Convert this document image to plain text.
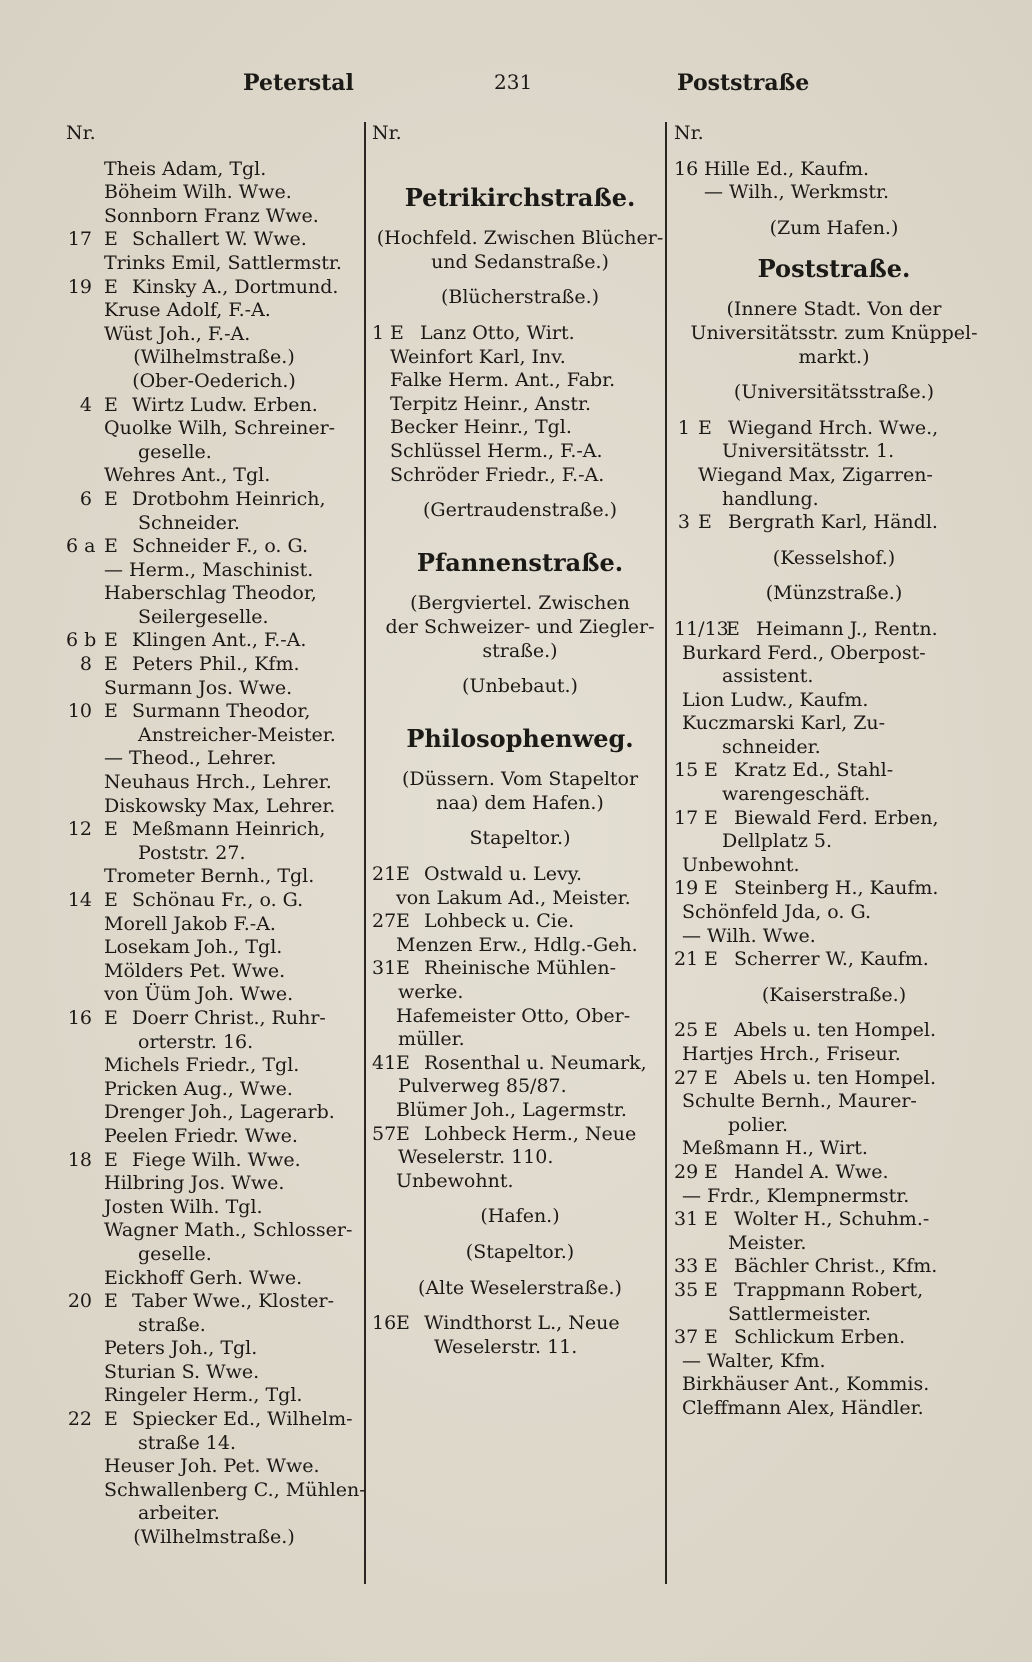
Peterstal	231	Poststraße
Nr.
Theis Adam, Tgl.
Böheim Wilh. Wwe.
Sonnborn Franz Wwe.
17 E Schallert W. Wwe.
Trinks Emil, Sattlermstr.
19 E Kinsky A., Dortmund.
Kruse Adolf, F.-A.
Wüst Joh., F.-A.
(Wilhelmstraße.)
(Ober-Oederich.)
4 E Wirtz Ludw. Erben.
Quolke Wilh, Schreiner-
geselle.
Wehres Ant., Tgl.
6 E Drotbohm Heinrich,
Schneider.
6 a E Schneider F., o. G.
— Herm., Maschinist.
Haberschlag Theodor,
Seilergeselle.
6 b E Klingen Ant., F.-A.
8 E Peters Phil., Kfm.
Surmann Jos. Wwe.
10 E Surmann Theodor,
Anstreicher-Meister.
— Theod., Lehrer.
Neuhaus Hrch., Lehrer.
Diskowsky Max, Lehrer.
12 E Meßmann Heinrich,
Poststr. 27.
Trometer Bernh., Tgl.
14 E Schönau Fr., o. G.
Morell Jakob F.-A.
Losekam Joh., Tgl.
Mölders Pet. Wwe.
von Üüm Joh. Wwe.
16 E Doerr Christ., Ruhr-
orterstr. 16.
Michels Friedr., Tgl.
Pricken Aug., Wwe.
Drenger Joh., Lagerarb.
Peelen Friedr. Wwe.
18 E Fiege Wilh. Wwe.
Hilbring Jos. Wwe.
Josten Wilh. Tgl.
Wagner Math., Schlosser-
geselle.
Eickhoff Gerh. Wwe.
20 E Taber Wwe., Kloster-
straße.
Peters Joh., Tgl.
Sturian S. Wwe.
Ringeler Herm., Tgl.
22 E Spiecker Ed., Wilhelm-
straße 14.
Heuser Joh. Pet. Wwe.
Schwallenberg C., Mühlen-
arbeiter.
(Wilhelmstraße.)
Nr.
Petrikirchstraße.
(Hochfeld. Zwischen Blücher-
und Sedanstraße.)
(Blücherstraße.)
1 E Lanz Otto, Wirt.
Weinfort Karl, Inv.
Falke Herm. Ant., Fabr.
Terpitz Heinr., Anstr.
Becker Heinr., Tgl.
Schlüssel Herm., F.-A.
Schröder Friedr., F.-A.
(Gertraudenstraße.)
Pfannenstraße.
(Bergviertel. Zwischen
der Schweizer- und Ziegler-
straße.)
(Unbebaut.)
Philosophenweg.
(Düssern. Vom Stapeltor
naa) dem Hafen.)
Stapeltor.)
21 E Ostwald u. Levy.
von Lakum Ad., Meister.
27 E Lohbeck u. Cie.
Menzen Erw., Hdlg.-Geh.
31 E Rheinische Mühlen-
werke.
Hafemeister Otto, Ober-
müller.
41 E Rosenthal u. Neumark,
Pulverweg 85/87.
Blümer Joh., Lagermstr.
57 E Lohbeck Herm., Neue
Weselerstr. 110.
Unbewohnt.
(Hafen.)
(Stapeltor.)
(Alte Weselerstraße.)
16 E Windthorst L., Neue
Weselerstr. 11.
Nr.
16 Hille Ed., Kaufm.
— Wilh., Werkmstr.
(Zum Hafen.)
Poststraße.
(Innere Stadt. Von der
Universitätsstr. zum Knüppel-
markt.)
(Universitätsstraße.)
1 E Wiegand Hrch. Wwe.,
Universitätsstr. 1.
Wiegand Max, Zigarren-
handlung.
3 E Bergrath Karl, Händl.
(Kesselshof.)
(Münzstraße.)
11/13
E Heimann J., Rentn.
Burkard Ferd., Oberpost-
assistent.
Lion Ludw., Kaufm.
Kuczmarski Karl, Zu-
schneider.
15 E Kratz Ed., Stahl-
warengeschäft.
17 E Biewald Ferd. Erben,
Dellplatz 5.
Unbewohnt.
19 E Steinberg H., Kaufm.
Schönfeld Jda, o. G.
— Wilh. Wwe.
21 E Scherrer W., Kaufm.
(Kaiserstraße.)
25 E Abels u. ten Hompel.
Hartjes Hrch., Friseur.
27 E Abels u. ten Hompel.
Schulte Bernh., Maurer-
polier.
Meßmann H., Wirt.
29 E Handel A. Wwe.
— Frdr., Klempnermstr.
31 E Wolter H., Schuhm.-
Meister.
33 E Bächler Christ., Kfm.
35 E Trappmann Robert,
Sattlermeister.
37 E Schlickum Erben.
— Walter, Kfm.
Birkhäuser Ant., Kommis.
Cleffmann Alex, Händler.
